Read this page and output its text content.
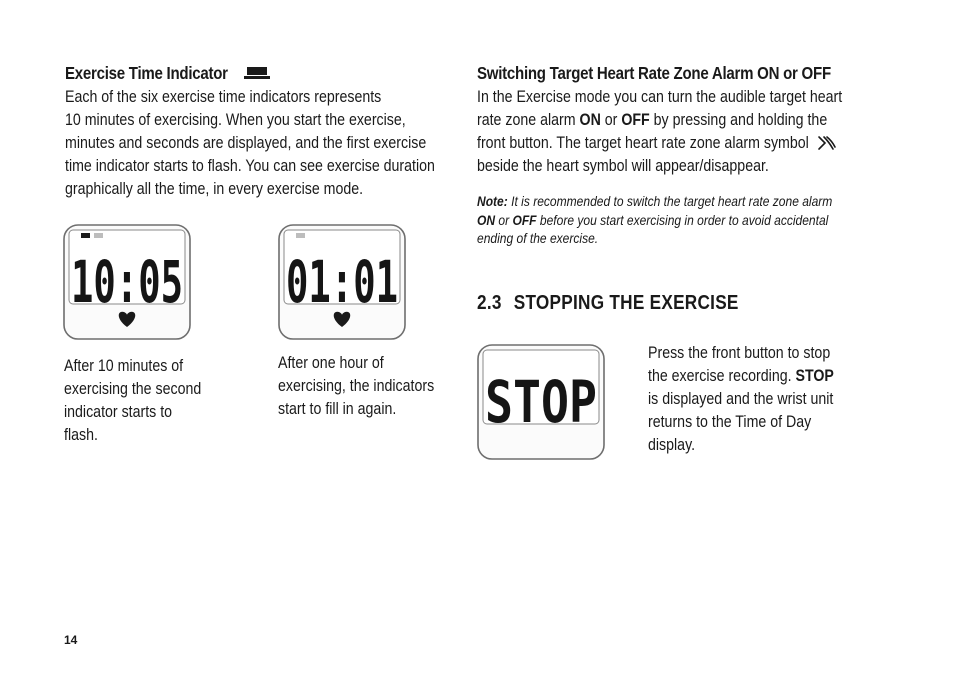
Exercise Time Indicator
Each of the six exercise time indicators represents
10 minutes of exercising. When you start the exercise,
minutes and seconds are displayed, and the first exercise
time indicator starts to flash. You can see exercise duration
graphically all the time, in every exercise mode.
10:05 01:01
After 10 minutes of
exercising the second
indicator starts to
flash.
After one hour of
exercising, the indicators
start to fill in again.
Switching Target Heart Rate Zone Alarm ON or OFF
In the Exercise mode you can turn the audible target heart
rate zone alarm ON or OFF by pressing and holding the
front button. The target heart rate zone alarm symbol
beside the heart symbol will appear/disappear.
Note: It is recommended to switch the target heart rate zone alarm
ON or OFF before you start exercising in order to avoid accidental
ending of the exercise.
2.3 STOPPING THE EXERCISE
STOP
Press the front button to stop
the exercise recording. STOP
is displayed and the wrist unit
returns to the Time of Day
display.
14
